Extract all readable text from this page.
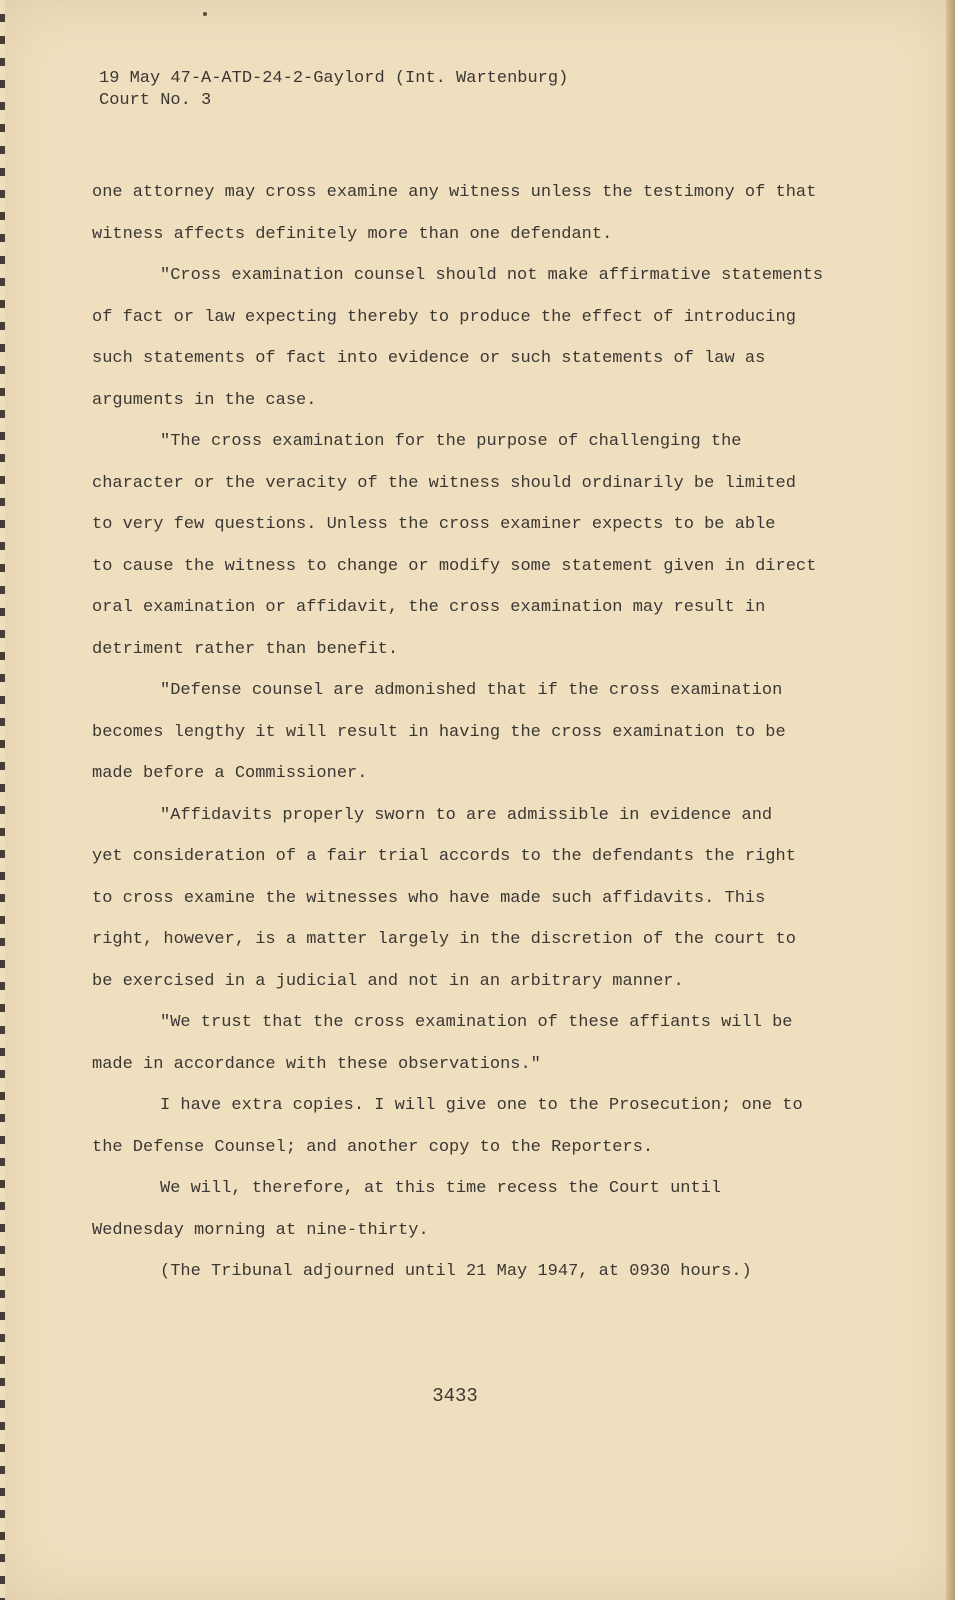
19 May 47-A-ATD-24-2-Gaylord (Int. Wartenburg)
Court No. 3
one attorney may cross examine any witness unless the testimony of that
witness affects definitely more than one defendant.
"Cross examination counsel should not make affirmative statements
of fact or law expecting thereby to produce the effect of introducing
such statements of fact into evidence or such statements of law as
arguments in the case.
"The cross examination for the purpose of challenging the
character or the veracity of the witness should ordinarily be limited
to very few questions. Unless the cross examiner expects to be able
to cause the witness to change or modify some statement given in direct
oral examination or affidavit, the cross examination may result in
detriment rather than benefit.
"Defense counsel are admonished that if the cross examination
becomes lengthy it will result in having the cross examination to be
made before a Commissioner.
"Affidavits properly sworn to are admissible in evidence and
yet consideration of a fair trial accords to the defendants the right
to cross examine the witnesses who have made such affidavits. This
right, however, is a matter largely in the discretion of the court to
be exercised in a judicial and not in an arbitrary manner.
"We trust that the cross examination of these affiants will be
made in accordance with these observations."
I have extra copies. I will give one to the Prosecution; one to
the Defense Counsel; and another copy to the Reporters.
We will, therefore, at this time recess the Court until
Wednesday morning at nine-thirty.
(The Tribunal adjourned until 21 May 1947, at 0930 hours.)
3433
